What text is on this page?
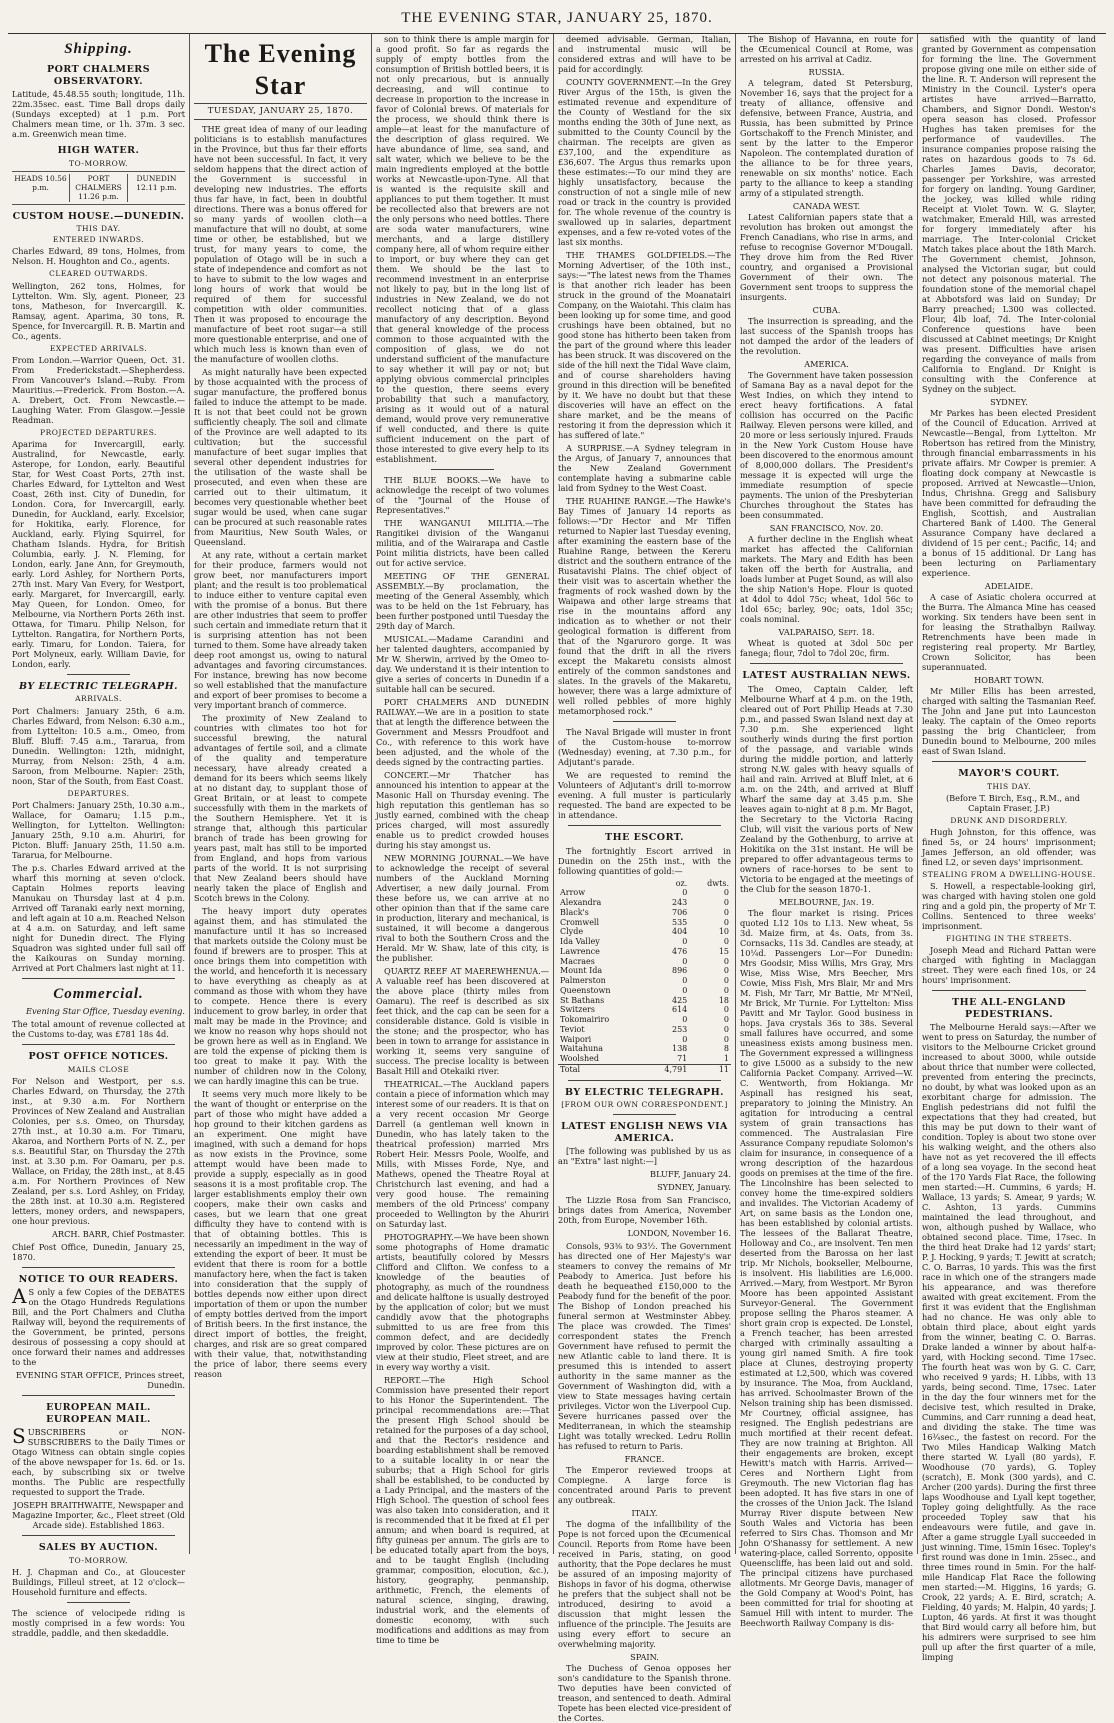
THE EVENING STAR, JANUARY 25, 1870.
Shipping.
PORT CHALMERS OBSERVATORY.

Latitude, 45.48.55 south; longitude, 11h. 22m.35sec. east. Time Ball drops daily (Sundays excepted) at 1 p.m. Port Chalmers mean time, or 1h. 37m. 3 sec. a.m. Greenwich mean time.

HIGH WATER.
TO-MORROW.
HEADS 10.56 p.m.
PORT CHALMERS 11.26 p.m.
DUNEDIN 12.11 p.m.
CUSTOM HOUSE.—DUNEDIN.
THIS DAY.
ENTERED INWARDS.

Charles Edward, 89 tons, Holmes, from Nelson. H. Houghton and Co., agents.

CLEARED OUTWARDS.

Wellington, 262 tons, Holmes, for Lyttelton. Wm. Sly, agent. Pioneer, 23 tons, Matheson, for Invercargill. K. Ramsay, agent. Aparima, 30 tons, R. Spence, for Invercargill. R. B. Martin and Co., agents.

EXPECTED ARRIVALS.

From London.—Warrior Queen, Oct. 31. From Frederickstadt.—Shepherdess. From Vancouver's Island.—Ruby. From Mauritius.—Frederick. From Boston.—A. A. Drebert, Oct. From Newcastle.—Laughing Water. From Glasgow.—Jessie Readman.

PROJECTED DEPARTURES.

Aparima for Invercargill, early. Australind, for Newcastle, early. Asterope, for London, early. Beautiful Star, for West Coast Ports, 27th inst. Charles Edward, for Lyttelton and West Coast, 26th inst. City of Dunedin, for London. Cora, for Invercargill, early. Dunedin, for Auckland, early. Excelsior, for Hokitika, early. Florence, for Auckland, early. Flying Squirrel, for Chatham Islands. Hydra, for British Columbia, early. J. N. Fleming, for London, early. Jane Ann, for Greymouth, early. Lord Ashley, for Northern Ports, 27th inst. Mary Van Every, for Westport, early. Margaret, for Invercargill, early. May Queen, for London. Omeo, for Melbourne, via Northern Ports 26th inst. Ottawa, for Timaru. Philip Nelson, for Lyttelton. Rangatira, for Northern Ports, early. Timaru, for London. Taiera, for Port Molyneux, early. William Davie, for London, early.

BY ELECTRIC TELEGRAPH.
ARRIVALS.

Port Chalmers: January 25th, 6 a.m. Charles Edward, from Nelson: 6.30 a.m., from Lyttelton: 10.5 a.m., Omeo, from Bluff. Bluff: 7.45 a.m., Tararua, from Dunedin. Wellington: 12th, midnight, Murray, from Nelson: 25th, 4 a.m. Saroon, from Melbourne. Napier: 25th, noon, Star of the South, from East Coast.

DEPARTURES.

Port Chalmers: January 25th, 10.30 a.m., Wallace, for Oamaru; 1.15 p.m., Wellington, for Lyttelton. Wellington: January 25th, 9.10 a.m. Ahuriri, for Picton. Bluff: January 25th, 11.50 a.m. Tararua, for Melbourne.

The p.s. Charles Edward arrived at the wharf this morning at seven o'clock. Captain Holmes reports leaving Manukau on Thursday last at 4 p.m. Arrived off Taranaki early next morning, and left again at 10 a.m. Reached Nelson at 4 a.m. on Saturday, and left same night for Dunedin direct. The Flying Squadron was sighted under full sail off the Kaikouras on Sunday morning. Arrived at Port Chalmers last night at 11.

Commercial.

Evening Star Office, Tuesday evening.

The total amount of revenue collected at the Customs to-day, was £781 18s 4d.

POST OFFICE NOTICES.
MAILS CLOSE

For Nelson and Westport, per s.s. Charles Edward, on Thursday, the 27th inst., at 9.30 a.m. For Northern Provinces of New Zealand and Australian Colonies, per s.s. Omeo, on Thursday, 27th inst., at 10.30 a.m. For Timaru, Akaroa, and Northern Ports of N. Z., per s.s. Beautiful Star, on Thursday the 27th inst. at 3.30 p.m. For Oamaru, per p.s. Wallace, on Friday, the 28th inst., at 8.45 a.m. For Northern Provinces of New Zealand, per s.s. Lord Ashley, on Friday, the 28th inst. at 10.30 a.m. Registered letters, money orders, and newspapers, one hour previous.

ARCH. BARR, Chief Postmaster.

Chief Post Office, Dunedin, January 25, 1870.

NOTICE TO OUR READERS.

AS only a few Copies of the DEBATES on the Otago Hundreds Regulations Bill, and the Port Chalmers and Clutha Railway will, beyond the requirements of the Government, be printed, persons desirous of possessing a copy should at once forward their names and addresses to the

EVENING STAR OFFICE, Princes street, Dunedin.

EUROPEAN MAIL. EUROPEAN MAIL.

SUBSCRIBERS or NON-SUBSCRIBERS to the Daily Times or Otago Witness can obtain single copies of the above newspaper for 1s. 6d. or 1s. each, by subscribing six or twelve months. The Public are respectfully requested to support the Trade.

JOSEPH BRAITHWAITE, Newspaper and Magazine Importer, &c., Fleet street (Old Arcade side). Established 1863.

SALES BY AUCTION.
TO-MORROW.

H. J. Chapman and Co., at Gloucester Buildings, Filleul street, at 12 o'clock—Household furniture and effects.

The science of velocipede riding is mostly comprised in a few words: You straddle, paddle, and then skedaddle.

The Evening Star
TUESDAY, JANUARY 25, 1870.

THE great idea of many of our leading politicians is to establish manufactures in the Province, but thus far their efforts have not been successful. In fact, it very seldom happens that the direct action of the Government is successful in developing new industries. The efforts thus far have, in fact, been in doubtful directions. There was a bonus offered for so many yards of woollen cloth—a manufacture that will no doubt, at some time or other, be established, but we trust, for many years to come, the population of Otago will be in such a state of independence and comfort as not to have to submit to the low wages and long hours of work that would be required of them for successful competition with older communities. Then it was proposed to encourage the manufacture of beet root sugar—a still more questionable enterprise, and one of which much less is known than even of the manufacture of woollen cloths.

As might naturally have been expected by those acquainted with the process of sugar manufacture, the proffered bonus failed to induce the attempt to be made. It is not that beet could not be grown sufficiently cheaply. The soil and climate of the Province are well adapted to its cultivation; but the successful manufacture of beet sugar implies that several other dependent industries for the utilisation of the waste shall be prosecuted, and even when these are carried out to their ultimatum, it becomes very questionable whether beet sugar would be used, when cane sugar can be procured at such reasonable rates from Mauritius, New South Wales, or Queensland.

At any rate, without a certain market for their produce, farmers would not grow beet, nor manufacturers import plant; and the result is too problematical to induce either to venture capital even with the promise of a bonus. But there are other industries that seem to proffer such certain and immediate return that it is surprising attention has not been turned to them. Some have already taken deep root amongst us, owing to natural advantages and favoring circumstances. For instance, brewing has now become so well established that the manufacture and export of beer promises to become a very important branch of commerce.

The proximity of New Zealand to countries with climates too hot for successful brewing, the natural advantages of fertile soil, and a climate of the quality and temperature necessary, have already created a demand for its beers which seems likely at no distant day, to supplant those of Great Britain, or at least to compete successfully with them in the markets of the Southern Hemisphere. Yet it is strange that, although this particular branch of trade has been growing for years past, malt has still to be imported from England, and hops from various parts of the world. It is not surprising that New Zealand beers should have nearly taken the place of English and Scotch brews in the Colony.

The heavy import duty operates against them, and has stimulated the manufacture until it has so increased that markets outside the Colony must be found if brewers are to prosper. This at once brings them into competition with the world, and henceforth it is necessary to have everything as cheaply as at command as those with whom they have to compete. Hence there is every inducement to grow barley, in order that malt may be made in the Province; and we know no reason why hops should not be grown here as well as in England. We are told the expense of picking them is too great to make it pay. With the number of children now in the Colony, we can hardly imagine this can be true.

It seems very much more likely to be the want of thought or enterprise on the part of those who might have added a hop ground to their kitchen gardens as an experiment. One might have imagined, with such a demand for hops as now exists in the Province, some attempt would have been made to provide a supply, especially as in good seasons it is a most profitable crop. The larger establishments employ their own coopers, make their own casks and cases, but we learn that one great difficulty they have to contend with is that of obtaining bottles. This is necessarily an impediment in the way of extending the export of beer. It must be evident that there is room for a bottle manufactory here, when the fact is taken into consideration that the supply of bottles depends now either upon direct importation of them or upon the number of empty bottles derived from the import of British beers. In the first instance, the direct import of bottles, the freight, charges, and risk are so great compared with their value, that, notwithstanding the price of labor, there seems every reason

son to think there is ample margin for a good profit. So far as regards the supply of empty bottles from the consumption of British bottled beers, it is not only precarious, but is annually decreasing, and will continue to decrease in proportion to the increase in favor of Colonial brews. Of materials for the process, we should think there is ample—at least for the manufacture of the description of glass required. We have abundance of lime, sea sand, and salt water, which we believe to be the main ingredients employed at the bottle works at Newcastle-upon-Tyne. All that is wanted is the requisite skill and appliances to put them together. It must be recollected also that brewers are not the only persons who need bottles. There are soda water manufacturers, wine merchants, and a large distillery company here, all of whom require either to import, or buy where they can get them. We should be the last to recommend investment in an enterprise not likely to pay, but in the long list of industries in New Zealand, we do not recollect noticing that of a glass manufactory of any description. Beyond that general knowledge of the process common to those acquainted with the composition of glass, we do not understand sufficient of the manufacture to say whether it will pay or not; but applying obvious commercial principles to the question, there seems every probability that such a manufactory, arising as it would out of a natural demand, would prove very remunerative if well conducted, and there is quite sufficient inducement on the part of those interested to give every help to its establishment.

THE BLUE BOOKS.—We have to acknowledge the receipt of two volumes of the "Journal of the House of Representatives."

THE WANGANUI MILITIA.—The Rangitikei division of the Wanganui militia, and of the Wairarapa and Castle Point militia districts, have been called out for active service.

MEETING OF THE GENERAL ASSEMBLY.—By proclamation, the meeting of the General Assembly, which was to be held on the 1st February, has been further postponed until Tuesday the 29th day of March.

MUSICAL.—Madame Carandini and her talented daughters, accompanied by Mr W. Sherwin, arrived by the Omeo to-day. We understand it is their intention to give a series of concerts in Dunedin if a suitable hall can be secured.

PORT CHALMERS AND DUNEDIN RAILWAY.—We are in a position to state that at length the difference between the Government and Messrs Proudfoot and Co., with reference to this work have been adjusted, and the whole of the deeds signed by the contracting parties.

CONCERT.—Mr Thatcher has announced his intention to appear at the Masonic Hall on Thursday evening. The high reputation this gentleman has so justly earned, combined with the cheap prices charged, will most assuredly enable us to predict crowded houses during his stay amongst us.

NEW MORNING JOURNAL.—We have to acknowledge the receipt of several numbers of the Auckland Morning Advertiser, a new daily journal. From these before us, we can arrive at no other opinion than that if the same care in production, literary and mechanical, is sustained, it will become a dangerous rival to both the Southern Cross and the Herald. Mr W. Shaw, late of this city, is the publisher.

QUARTZ REEF AT MAEREWHENUA.—A valuable reef has been discovered at the above place (thirty miles from Oamaru). The reef is described as six feet thick, and the cap can be seen for a considerable distance. Gold is visible in the stone; and the prospector, who has been in town to arrange for assistance in working it, seems very sanguine of success. The precise locality is between Basalt Hill and Otekaiki river.

THEATRICAL.—The Auckland papers contain a piece of information which may interest some of our readers. It is that on a very recent occasion Mr George Darrell (a gentleman well known in Dunedin, who has lately taken to the theatrical profession) married Mrs Robert Heir. Messrs Poole, Woolfe, and Mills, with Misses Forde, Nye, and Mathews, opened the Theatre Royal at Christchurch last evening, and had a very good house. The remaining members of the old Princess' company proceeded to Wellington by the Ahuriri on Saturday last.

PHOTOGRAPHY.—We have been shown some photographs of Home dramatic artists, beautifully colored by Messrs Clifford and Clifton. We confess to a knowledge of the beauties of photography, as much of the roundness and delicate halftone is usually destroyed by the application of color; but we must candidly avow that the photographs submitted to us are free from this common defect, and are decidedly improved by color. These pictures are on view at their studio, Fleet street, and are in every way worthy a visit.

REPORT.—The High School Commission have presented their report to his Honor the Superintendent. The principal recommendations are:—That the present High School should be retained for the purposes of a day school, and that the Rector's residence and boarding establishment shall be removed to a suitable locality in or near the suburbs; that a High School for girls shall be established, to be conducted by a Lady Principal, and the masters of the High School. The question of school fees was also taken into consideration, and it is recommended that it be fixed at £1 per annum; and when board is required, at fifty guineas per annum. The girls are to be educated totally apart from the boys, and to be taught English (including grammar, composition, elocution, &c.), history, geography, penmanship, arithmetic, French, the elements of natural science, singing, drawing, industrial work, and the elements of domestic economy, with such modifications and additions as may from time to time be

deemed advisable. German, Italian, and instrumental music will be considered extras and will have to be paid for accordingly.

COUNTY GOVERNMENT.—In the Grey River Argus of the 15th, is given the estimated revenue and expenditure of the County of Westland for the six months ending the 30th of June next, as submitted to the County Council by the chairman. The receipts are given as £37,100, and the expenditure as £36,607. The Argus thus remarks upon these estimates:—To our mind they are highly unsatisfactory, because the construction of not a single mile of new road or track in the country is provided for. The whole revenue of the country is swallowed up in salaries, department expenses, and a few re-voted votes of the last six months.

THE THAMES GOLDFIELDS.—The Morning Advertiser, of the 10th inst., says:—"The latest news from the Thames is that another rich leader has been struck in the ground of the Moanatairi Company, on the Waiotahi. This claim has been looking up for some time, and good crushings have been obtained, but no good stone has hitherto been taken from the part of the ground where this leader has been struck. It was discovered on the side of the hill next the Tidal Wave claim, and of course shareholders having ground in this direction will be benefited by it. We have no doubt but that these discoveries will have an effect on the share market, and be the means of restoring it from the depression which it has suffered of late."

A SURPRISE.—A Sydney telegram in the Argus, of January 7, announces that the New Zealand Government contemplate having a submarine cable laid from Sydney to the West Coast.

THE RUAHINE RANGE.—The Hawke's Bay Times of January 14 reports as follows:—"Dr Hector and Mr Tiffen returned to Napier last Tuesday evening, after examining the eastern base of the Ruahine Range, between the Kereru district and the southern entrance of the Rusatavishi Plains. The chief object of their visit was to ascertain whether the fragments of rock washed down by the Waipawa and other large streams that rise in the mountains afford any indication as to whether or not their geological formation is different from that of the Ngaruroro gorge. It was found that the drift in all the rivers except the Makaretu consists almost entirely of the common sandstones and slates. In the gravels of the Makaretu, however, there was a large admixture of well rolled pebbles of more highly metamorphosed rock."

The Naval Brigade will muster in front of the Custom-house to-morrow (Wednesday) evening, at 7.30 p.m., for Adjutant's parade.

We are requested to remind the Volunteers of Adjutant's drill to-morrow evening. A full muster is particularly requested. The band are expected to be in attendance.

THE ESCORT.

The fortnightly Escort arrived in Dunedin on the 25th inst., with the following quantities of gold:—

	oz.	dwts.
Arrow	0	0
Alexandra	243	0
Black's	706	0
Cromwell	535	0
Clyde	404	10
Ida Valley	0	0
Lawrence	476	15
Macraes	0	0
Mount Ida	896	0
Palmerston	0	0
Queenstown	0	0
St Bathans	425	18
Switzers	614	0
Tokomairiro	0	0
Teviot	253	0
Waipori	0	0
Waitahuna	138	8
Woolshed	71	1
Total	4,791	11
BY ELECTRIC TELEGRAPH.
[FROM OUR OWN CORRESPONDENT.]
LATEST ENGLISH NEWS VIA AMERICA.

[The following was published by us as an "Extra" last night:—]

BLUFF, January 24.

SYDNEY, January.

The Lizzie Rosa from San Francisco, brings dates from America, November 20th, from Europe, November 16th.

LONDON, November 16.

Consols, 93⅜ to 93½. The Government has directed one of Her Majesty's war steamers to convey the remains of Mr Peabody to America. Just before his death he bequeathed £150,000 to the Peabody fund for the benefit of the poor. The Bishop of London preached his funeral sermon at Westminster Abbey. The place was crowded. The Times' correspondent states the French Government have refused to permit the new Atlantic cable to land there. It is presumed this is intended to assert authority in the same manner as the Government of Washington did, with a view to State messages having certain privileges. Victor won the Liverpool Cup. Severe hurricanes passed over the Mediterranean, in which the steamship Light was totally wrecked. Ledru Rollin has refused to return to Paris.

FRANCE.

The Emperor reviewed troops at Compiegne. A large force is concentrated around Paris to prevent any outbreak.

ITALY.

The dogma of the infallibility of the Pope is not forced upon the Œcumenical Council. Reports from Rome have been received in Paris, stating, on good authority, that the Pope declares he must be assured of an imposing majority of Bishops in favor of his dogma, otherwise he prefers that the subject shall not be introduced, desiring to avoid a discussion that might lessen the influence of the principle. The Jesuits are using every effort to secure an overwhelming majority.

SPAIN.

The Duchess of Genoa opposes her son's candidature to the Spanish throne. Two deputies have been convicted of treason, and sentenced to death. Admiral Topete has been elected vice-president of the Cortes.

The Bishop of Havanna, en route for the Œcumenical Council at Rome, was arrested on his arrival at Cadiz.

RUSSIA.

A telegram, dated St Petersburg, November 16, says that the project for a treaty of alliance, offensive and defensive, between France, Austria, and Russia, has been submitted by Prince Gortschakoff to the French Minister, and sent by the latter to the Emperor Napoleon. The contemplated duration of the alliance to be for three years, renewable on six months' notice. Each party to the alliance to keep a standing army of a stipulated strength.

CANADA WEST.

Latest Californian papers state that a revolution has broken out amongst the French Canadians, who rise in arms, and refuse to recognise Governor M'Dougall. They drove him from the Red River country, and organised a Provisional Government of their own. The Government sent troops to suppress the insurgents.

CUBA.

The insurrection is spreading, and the last success of the Spanish troops has not damped the ardor of the leaders of the revolution.

AMERICA.

The Government have taken possession of Samana Bay as a naval depot for the West Indies, on which they intend to erect heavy fortifications. A fatal collision has occurred on the Pacific Railway. Eleven persons were killed, and 20 more or less seriously injured. Frauds in the New York Custom House have been discovered to the enormous amount of 8,000,000 dollars. The President's message it is expected will urge the immediate resumption of specie payments. The union of the Presbyterian Churches throughout the States has been consummated.

SAN FRANCISCO, Nov. 20.

A further decline in the English wheat market has affected the Californian markets. The Mary and Edith has been taken off the berth for Australia, and loads lumber at Puget Sound, as will also the ship Nation's Hope. Flour is quoted at 4dol to 4dol 75c; wheat, 1dol 56c to 1dol 65c; barley, 90c; oats, 1dol 35c; coals nominal.

VALPARAISO, Sept. 18.

Wheat is quoted at 3dol 50c per fanega; flour, 7dol to 7dol 20c, firm.

LATEST AUSTRALIAN NEWS.

The Omeo, Captain Calder, left Melbourne Wharf at 4 p.m. on the 19th, cleared out of Port Phillip Heads at 7.30 p.m., and passed Swan Island next day at 7.30 p.m. She experienced light southerly winds during the first portion of the passage, and variable winds during the middle portion, and latterly strong N.W. gales with heavy squalls of hail and rain. Arrived at Bluff Inlet, at 6 a.m. on the 24th, and arrived at Bluff Wharf the same day at 3.45 p.m. She leaves again to-night at 8 p.m. Mr Bagot, the Secretary to the Victoria Racing Club, will visit the various ports of New Zealand by the Gothenburg, to arrive at Hokitika on the 31st instant. He will be prepared to offer advantageous terms to owners of race-horses to be sent to Victoria to be engaged at the meetings of the Club for the season 1870-1.

MELBOURNE, Jan. 19.

The flour market is rising. Prices quoted L12 10s to L13. New wheat, 5s 3d. Maize firm, at 4s. Oats, from 3s. Cornsacks, 11s 3d. Candles are steady, at 10¼d. Passengers Lor—For Dunedin: Mrs Goodsir, Miss Willis, Mrs Gray, Mrs Wise, Miss Wise, Mrs Beecher, Mrs Cowie, Miss Fish, Mrs Blair, Mr and Mrs M. Fish, Mr Tarr, Mr Battie, Mr M'Neil, Mr Brick, Mr Turnie. For Lyttelton: Miss Pavitt and Mr Taylor. Good business in hops. Java crystals 36s to 38s. Several small failures have occurred, and some uneasiness exists among business men. The Government expressed a willingness to give L5000 as a subsidy to the new California Packet Company. Arrived—W. C. Wentworth, from Hokianga. Mr Aspinall has resigned his seat, preparatory to joining the Ministry. An agitation for introducing a central system of grain transactions has commenced. The Australasian Fire Assurance Company repudiate Solomon's claim for insurance, in consequence of a wrong description of the hazardous goods on premises at the time of the fire. The Lincolnshire has been selected to convey home the time-expired soldiers and invalides. The Victorian Academy of Art, on same basis as the London one, has been established by colonial artists. The lessees of the Ballarat Theatre, Holloway and Co., are insolvent. Ten men deserted from the Barossa on her last trip. Mr Nichols, bookseller, Melbourne, is insolvent. His liabilities are L6,000. Arrived.—Mary, from Westport. Mr Byron Moore has been appointed Assistant Surveyor-General. The Government propose selling the Pharos steamer. A short grain crop is expected. De Lonstel, a French teacher, has been arrested charged with criminally assaulting a young girl named Smith. A fire took place at Clunes, destroying property estimated at L2,500, which was covered by insurance. The Moa, from Auckland, has arrived. Schoolmaster Brown of the Nelson training ship has been dismissed. Mr Courtney, official assignee, has resigned. The English pedestrians are much mortified at their recent defeat. They are now training at Brighton. All their engagements are broken, except Hewitt's match with Harris. Arrived—Ceres and Northern Light from Greymouth. The new Victorian flag has been adopted. It has five stars in one of the crosses of the Union Jack. The Island Murray River dispute between New South Wales and Victoria has been referred to Sirs Chas. Thomson and Mr John O'Shanassy for settlement. A new watering-place, called Sorrento, opposite Queenscliffe, has been laid out and sold. The principal citizens have purchased allotments. Mr George Davis, manager of the Gold Company at Wood's Point, has been committed for trial for shooting at Samuel Hill with intent to murder. The Beechworth Railway Company is dis-

satisfied with the quantity of land granted by Government as compensation for forming the line. The Government propose giving one mile on either side of the line. R. T. Anderson will represent the Ministry in the Council. Lyster's opera artistes have arrived—Barratto, Chambers, and Signor Dondi. Weston's opera season has closed. Professor Hughes has taken premises for the performance of vaudevilles. The insurance companies propose raising the rates on hazardous goods to 7s 6d. Charles James Davis, decorator, passenger per Yorkshire, was arrested for forgery on landing. Young Gardiner, the jockey, was killed while riding Receipt at Violet Town. W. G. Slayter, watchmaker, Emerald Hill, was arrested for forgery immediately after his marriage. The Inter-colonial Cricket Match takes place about the 18th March. The Government chemist, Johnson, analysed the Victorian sugar, but could not detect any poisonous material. The foundation stone of the memorial chapel at Abbotsford was laid on Sunday; Dr Barry preached; L300 was collected. Flour, 4lb loaf, 7d. The Inter-colonial Conference questions have been discussed at Cabinet meetings; Dr Knight was present. Difficulties have arisen regarding the conveyance of mails from California to England. Dr Knight is consulting with the Conference at Sydney on the subject.

SYDNEY.

Mr Parkes has been elected President of the Council of Education. Arrived at Newcastle—Bengal, from Lyttelton. Mr Robertson has retired from the Ministry, through financial embarrassments in his private affairs. Mr Cowper is premier. A floating dock company at Newcastle is proposed. Arrived at Newcastle—Union, Indus, Chrishna. Gregg and Salisbury have been committed for defrauding the English, Scottish, and Australian Chartered Bank of L400. The General Assurance Company have declared a dividend of 15 per cent.; Pacific, 14; and a bonus of 15 additional. Dr Lang has been lecturing on Parliamentary experience.

ADELAIDE.

A case of Asiatic cholera occurred at the Burra. The Almanca Mine has ceased working. Six tenders have been sent in for leasing the Strathalbyn Railway. Retrenchments have been made in registering real property. Mr Bartley, Crown Solicitor, has been superannuated.

HOBART TOWN.

Mr Miller Ellis has been arrested, charged with salting the Tasmanian Reef. The John and Jane put into Launceston leaky. The captain of the Omeo reports passing the brig Chanticleer, from Dunedin bound to Melbourne, 200 miles east of Swan Island.

MAYOR'S COURT.
THIS DAY.

(Before T. Birch, Esq., R.M., and Captain Fraser, J.P.)

DRUNK AND DISORDERLY.

Hugh Johnston, for this offence, was fined 5s, or 24 hours' imprisonment; James Jefferson, an old offender, was fined L2, or seven days' imprisonment.

STEALING FROM A DWELLING-HOUSE.

S. Howell, a respectable-looking girl, was charged with having stolen one gold ring and a gold pin, the property of Mr T. Collins. Sentenced to three weeks' imprisonment.

FIGHTING IN THE STREETS.

Joseph Mead and Richard Pattan were charged with fighting in Maclaggan street. They were each fined 10s, or 24 hours' imprisonment.

THE ALL-ENGLAND PEDESTRIANS.

The Melbourne Herald says:—After we went to press on Saturday, the number of visitors to the Melbourne Cricket ground increased to about 3000, while outside about thrice that number were collected, prevented from entering the precincts, no doubt, by what was looked upon as an exorbitant charge for admission. The English pedestrians did not fulfil the expectations that they had created, but this may be put down to their want of condition. Topley is about two stone over his walking weight, and the others also have not as yet recovered the ill effects of a long sea voyage. In the second heat of the 170 Yards Flat Race, the following men started:—H. Cummins, 6 yards; H. Wallace, 13 yards; S. Amear, 9 yards; W. C. Ashton, 13 yards. Cummins maintained the lead throughout, and won, although pushed by Wallace, who obtained second place. Time, 17sec. In the third heat Drake had 12 yards' start; P. J. Hocking, 9 yards; T. Jewitt at scratch; C. O. Barras, 10 yards. This was the first race in which one of the strangers made his appearance, and was therefore awaited with great excitement. From the first it was evident that the Englishman had no chance. He was only able to obtain third place, about eight yards from the winner, beating C. O. Barras. Drake landed a winner by about half-a-yard, with Hocking second. Time 17sec. The fourth heat was won by G. C. Carr, who received 9 yards; H. Libbs, with 13 yards, being second. Time, 17sec. Later in the day the four winners met for the decisive test, which resulted in Drake, Cummins, and Carr running a dead heat, and dividing the stake. The time was 16¾sec., the fastest on record. For the Two Miles Handicap Walking Match there started W. Lyall (80 yards), F. Woodhouse (70 yards), G. Topley (scratch), E. Monk (300 yards), and C. Archer (200 yards). During the first three laps Woodhouse and Lyall kept together, Topley going delightfully. As the race proceeded Topley saw that his endeavours were futile, and gave in. After a game struggle Lyall succeeded in just winning. Time, 15min 16sec. Topley's first round was done in 1min. 25sec., and three times round in 5min. For the half-mile Handicap Flat Race the following men started:—M. Higgins, 16 yards; G. Crook, 22 yards; A. E. Bird, scratch; A. Fielding, 40 yards; M. Halpin, 40 yards; J. Lupton, 46 yards. At first it was thought that Bird would carry all before him, but his admirers were surprised to see him pull up after the first quarter of a mile, limping
